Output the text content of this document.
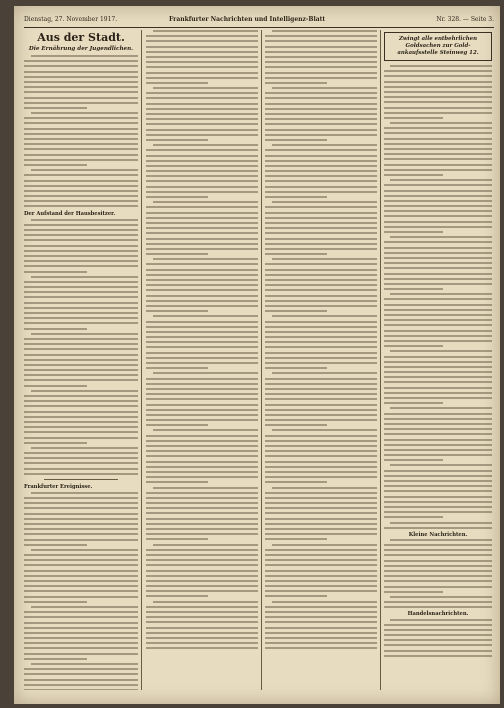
Dienstag, 27. November 1917.	Frankfurter Nachrichten und Intelligenz-Blatt	Nr. 328. — Seite 3.
Aus der Stadt.
Die Ernährung der Jugendlichen.
Der Aufstand der Hausbesitzer.
Frankfurter Ereignisse.
Zwingt alle entbehrlichen Goldsachen zur Gold-ankaufsstelle Steinweg 12.
Kleine Nachrichten.
Handelsnachrichten.
